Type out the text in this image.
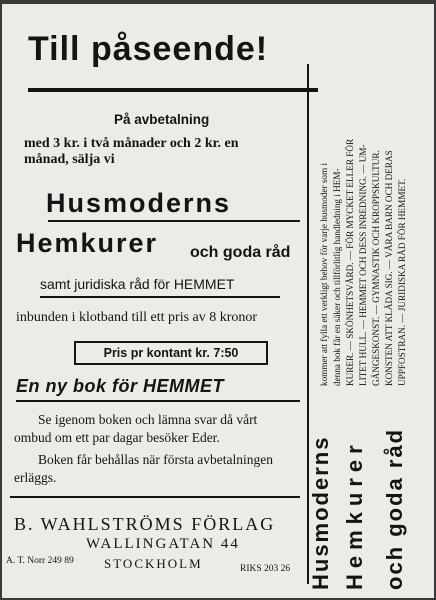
Till påseende!
På avbetalning
med 3 kr. i två månader och 2 kr. en
månad, sälja vi
Husmoderns
Hemkurer och goda råd
samt juridiska råd för HEMMET
inbunden i klotband till ett pris av 8 kronor
Pris pr kontant kr. 7:50
En ny bok för HEMMET
Se igenom boken och lämna svar då vårt
ombud om ett par dagar besöker Eder.
Boken får behållas när första avbetalningen
erläggs.
B. WAHLSTRÖMS FÖRLAG
WALLINGATAN 44
A. T. Norr 249 89 STOCKHOLM	RIKS 203 26
kommer att fylla ett verkligt behov för varje husmoder som i denna bok får en säker och tillförlitlig handledning i HEM- KURER. — SKÖNHETSVÅRD. — FÖR MYCKET ELLER FÖR LITET HULL. — HEMMET OCH DESS INREDNING. — UM- GÄNGESKONST. — GYMNASTIK OCH KROPPSKULTUR. KONSTEN ATT KLÄDA SIG. — VÅRA BARN OCH DERAS UPPFOSTRAN. — JURIDISKA RÅD FÖR HEMMET.
Husmoderns Hemkurer och goda råd
